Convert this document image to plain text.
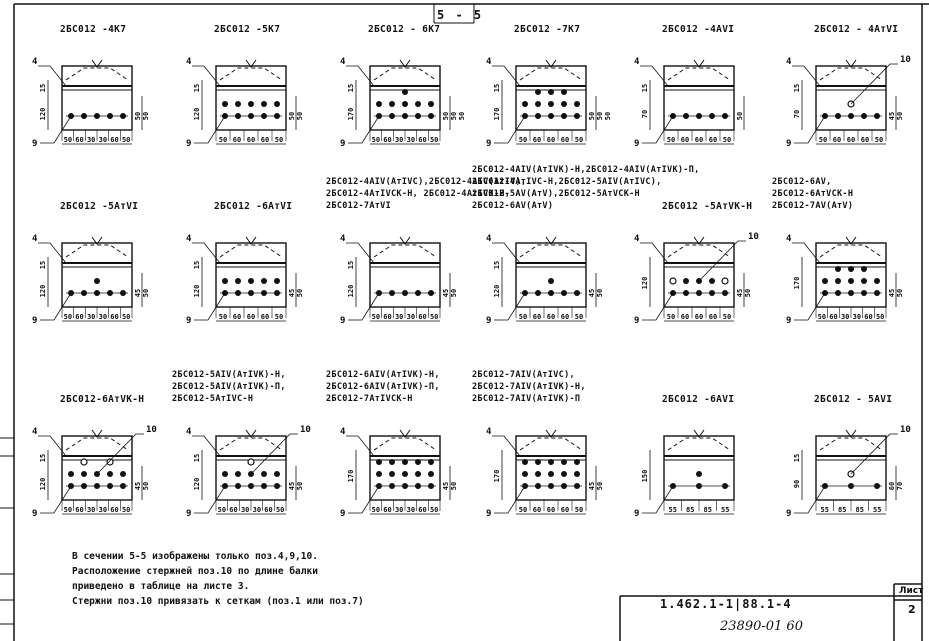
50 60 30 30 60 50
15
120	50 50
4
9	50 60 60 60 50
15
120	50 50
4
9	50 60 30 30 60 50
15
170	50 50 50
4
9	50 60 60 60 50
15
170	50 50 50
4
9	50 60 60 60 50
15
70	50
4
9	50 60 60 60 50
15
70	45 50
4
9
10
50 60 30 30 60 50
15
120	45 50
4
9	50 60 60 60 50
15
120	45 50
4
9	50 60 30 30 60 50
15
120	45 50
4
9	50 60 60 60 50
15
120	45 50
4
9	50 60 60 60 50
120
45 50
4
9
10
50 60 30 30 60 50
170
45 50
4
9
50 60 30 30 60 50
15
120	45 50
4
9
10
50 60 30 30 60 50
15
120	45 50
4
9
10
50 60 30 30 60 50
170
45 50
4
9	50 60 60 60 50
170
45 50
4
9	55 85 85 55
150
9	55 85 85 55
15
90	60 70
9
10
2БС012 -4К7	2БС012 -5К7	2БС012 - 6К7	2БС012 -7К7	2БС012 -4АVI	2БС012 - 4АтVI
2БС012 -5АтVI	2БС012 -6АтVI
2БС012-4АIV(АтIVС),2БС012-4АIV(АтIV),
2БС012-4АтIVСК-Н, 2БС012-4АтIVК-Н,
2БС012-7АтVI
2БС012-4АIV(АтIVК)-Н,2БС012-4АIV(АтIVК)-П,
2БС012-4АтIVС-Н,2БС012-5АIV(АтIVС),
2БС012-5АV(АтV),2БС012-5АтVСК-Н
2БС012-6АV(АтV)	2БС012 -5АтVК-Н
2БС012-6АV,
2БС012-6АтVСК-Н
2БС012-7АV(АтV)
2БС012-6АтVК-Н
2БС012-5АIV(АтIVК)-Н,
2БС012-5АIV(АтIVК)-П,
2БС012-5АтIVС-Н
2БС012-6АIV(АтIVК)-Н,
2БС012-6АIV(АтIVК)-П,
2БС012-7АтIVСК-Н
2БС012-7АIV(АтIVС),
2БС012-7АIV(АтIVК)-Н,
2БС012-7АIV(АтIVК)-П	2БС012 -6АVI	2БС012 - 5АVI
5 - 5
В сечении 5-5 изображены только поз.4,9,10.
Расположение стержней поз.10 по длине балки
приведено в таблице на листе 3.
Стержни поз.10 привязать к сеткам (поз.1 или поз.7)	1.462.1-1|88.1-4
Лист
2
23890-01 60
